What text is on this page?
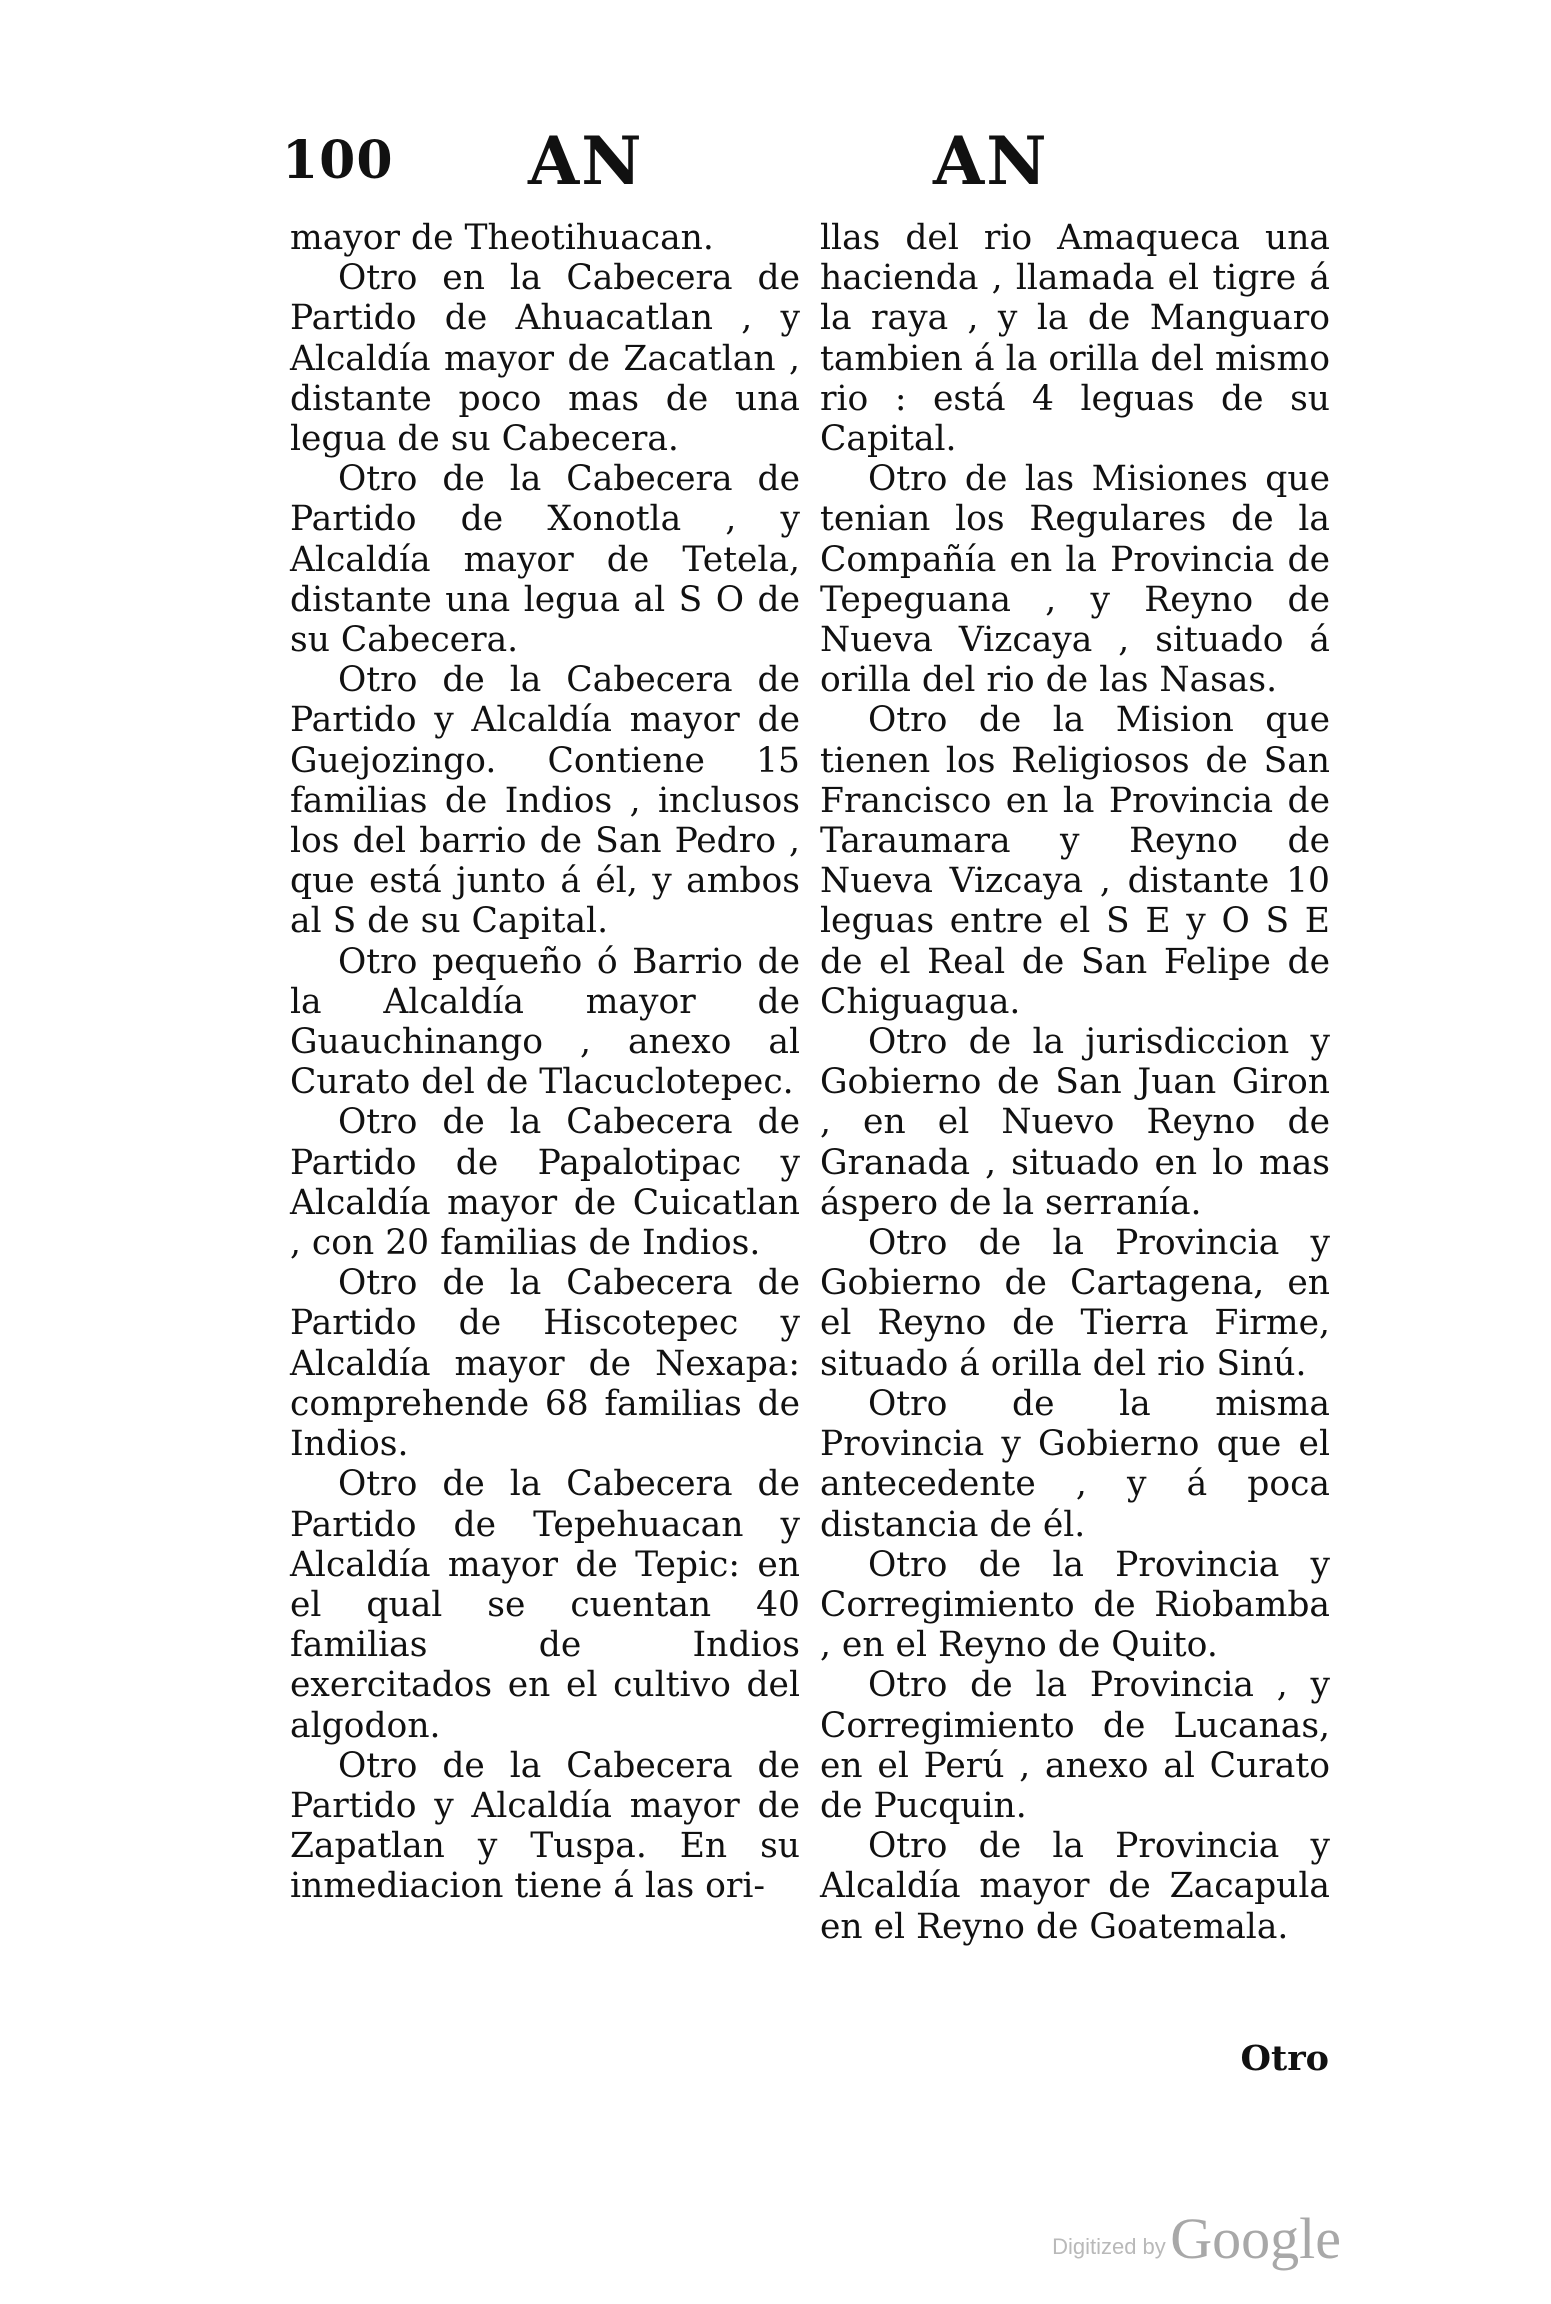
100 AN	AN

mayor de Theotihuacan.

Otro en la Cabecera de Partido de Ahuacatlan , y Alcaldía mayor de Zacatlan , distante poco mas de una legua de su Cabecera.

Otro de la Cabecera de Partido de Xonotla , y Alcaldía mayor de Tetela, distante una legua al S O de su Cabecera.

Otro de la Cabecera de Partido y Alcaldía mayor de Guejozingo. Contiene 15 familias de Indios , inclusos los del barrio de San Pedro , que está junto á él, y ambos al S de su Capital.

Otro pequeño ó Barrio de la Alcaldía mayor de Guauchinango , anexo al Curato del de Tlacuclotepec.

Otro de la Cabecera de Partido de Papalotipac y Alcaldía mayor de Cuicatlan , con 20 familias de Indios.

Otro de la Cabecera de Partido de Hiscotepec y Alcaldía mayor de Nexapa: comprehende 68 familias de Indios.

Otro de la Cabecera de Partido de Tepehuacan y Alcaldía mayor de Tepic: en el qual se cuentan 40 familias de Indios exercitados en el cultivo del algodon.

Otro de la Cabecera de Partido y Alcaldía mayor de Zapatlan y Tuspa. En su inmediacion tiene á las ori-

llas del rio Amaqueca una hacienda , llamada el tigre á la raya , y la de Manguaro tambien á la orilla del mismo rio : está 4 leguas de su Capital.

Otro de las Misiones que tenian los Regulares de la Compañía en la Provincia de Tepeguana , y Reyno de Nueva Vizcaya , situado á orilla del rio de las Nasas.

Otro de la Mision que tienen los Religiosos de San Francisco en la Provincia de Taraumara y Reyno de Nueva Vizcaya , distante 10 leguas entre el S E y O S E de el Real de San Felipe de Chiguagua.

Otro de la jurisdiccion y Gobierno de San Juan Giron , en el Nuevo Reyno de Granada , situado en lo mas áspero de la serranía.

Otro de la Provincia y Gobierno de Cartagena, en el Reyno de Tierra Firme, situado á orilla del rio Sinú.

Otro de la misma Provincia y Gobierno que el antecedente , y á poca distancia de él.

Otro de la Provincia y Corregimiento de Riobamba , en el Reyno de Quito.

Otro de la Provincia , y Corregimiento de Lucanas, en el Perú , anexo al Curato de Pucquin.

Otro de la Provincia y Alcaldía mayor de Zacapula en el Reyno de Goatemala.

Otro
Digitized by Google
